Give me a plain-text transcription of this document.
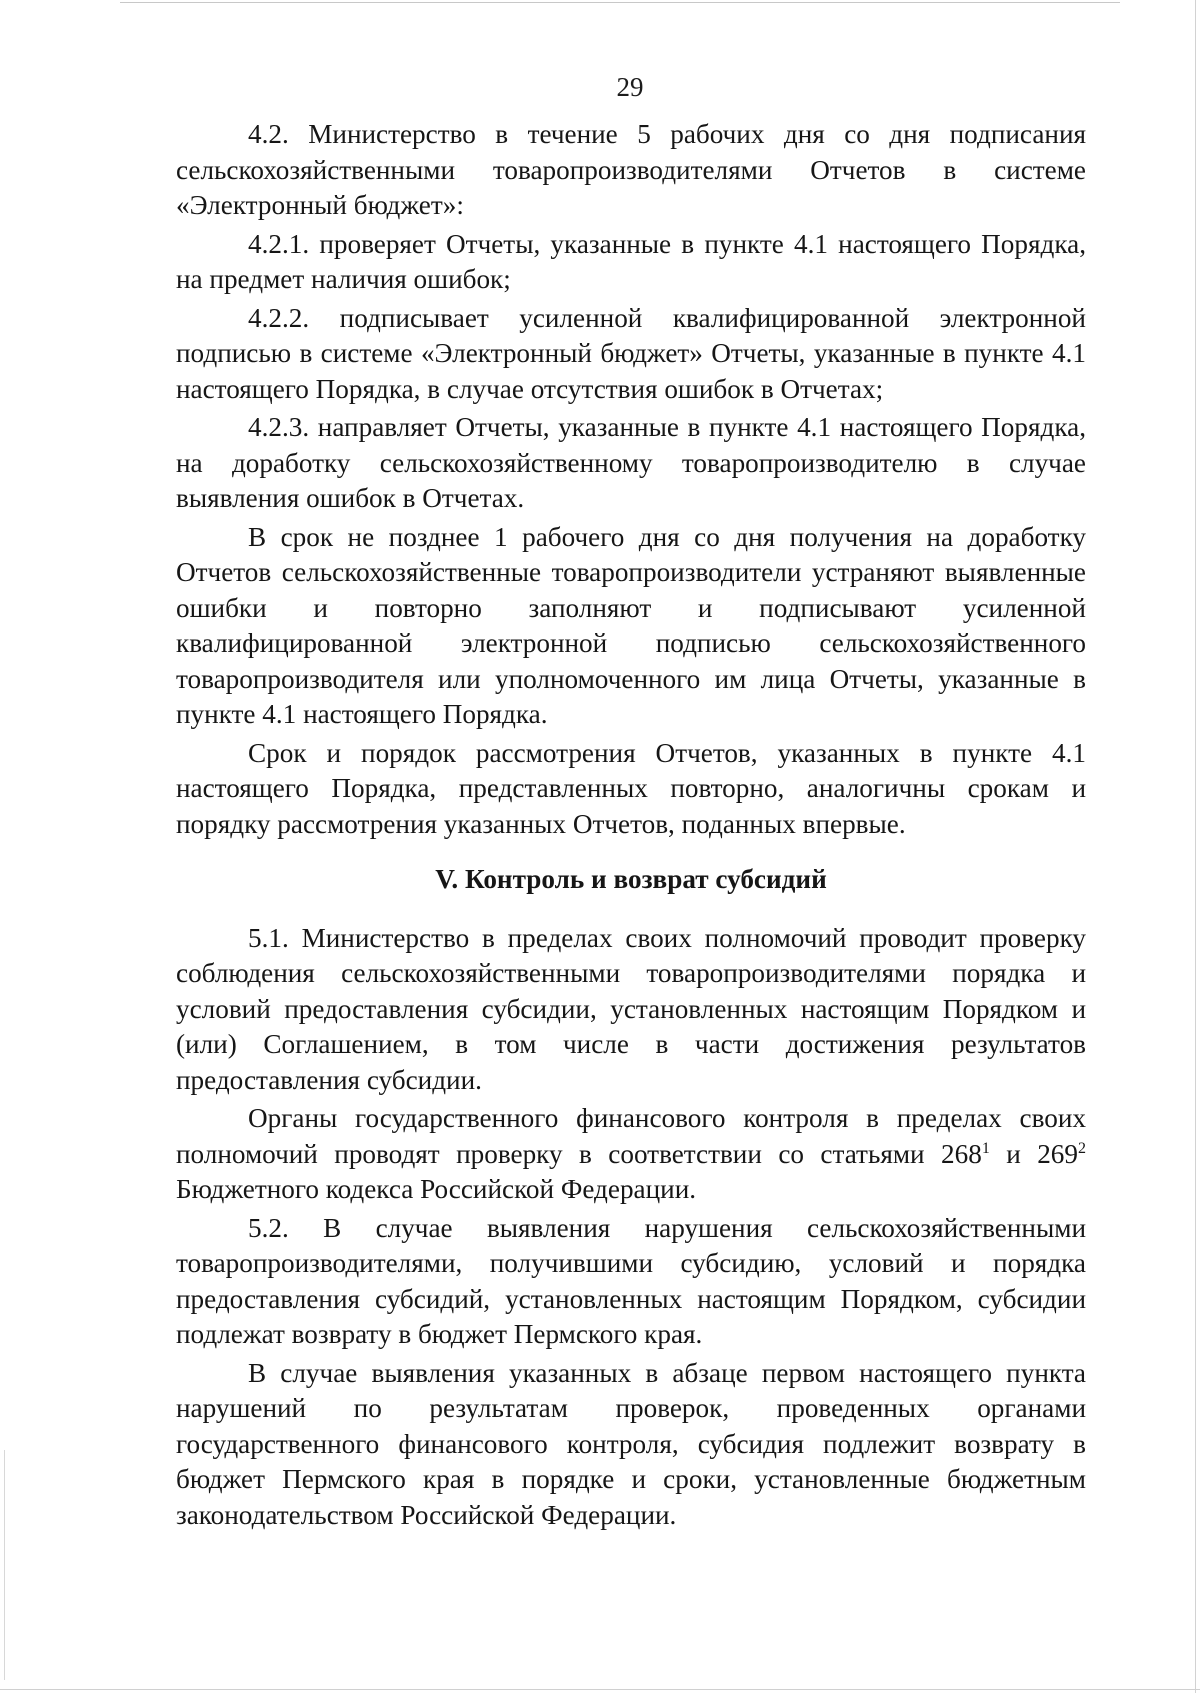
29

4.2. Министерство в течение 5 рабочих дня со дня подписания сельскохозяйственными товаропроизводителями Отчетов в системе «Электронный бюджет»:

4.2.1. проверяет Отчеты, указанные в пункте 4.1 настоящего Порядка, на предмет наличия ошибок;

4.2.2. подписывает усиленной квалифицированной электронной подписью в системе «Электронный бюджет» Отчеты, указанные в пункте 4.1 настоящего Порядка, в случае отсутствия ошибок в Отчетах;

4.2.3. направляет Отчеты, указанные в пункте 4.1 настоящего Порядка, на доработку сельскохозяйственному товаропроизводителю в случае выявления ошибок в Отчетах.

В срок не позднее 1 рабочего дня со дня получения на доработку Отчетов сельскохозяйственные товаропроизводители устраняют выявленные ошибки и повторно заполняют и подписывают усиленной квалифицированной электронной подписью сельскохозяйственного товаропроизводителя или уполномоченного им лица Отчеты, указанные в пункте 4.1 настоящего Порядка.

Срок и порядок рассмотрения Отчетов, указанных в пункте 4.1 настоящего Порядка, представленных повторно, аналогичны срокам и порядку рассмотрения указанных Отчетов, поданных впервые.

V. Контроль и возврат субсидий

5.1. Министерство в пределах своих полномочий проводит проверку соблюдения сельскохозяйственными товаропроизводителями порядка и условий предоставления субсидии, установленных настоящим Порядком и (или) Соглашением, в том числе в части достижения результатов предоставления субсидии.

Органы государственного финансового контроля в пределах своих полномочий проводят проверку в соответствии со статьями $268^1$ и $269^2$ Бюджетного кодекса Российской Федерации.

5.2. В случае выявления нарушения сельскохозяйственными товаропроизводителями, получившими субсидию, условий и порядка предоставления субсидий, установленных настоящим Порядком, субсидии подлежат возврату в бюджет Пермского края.

В случае выявления указанных в абзаце первом настоящего пункта нарушений по результатам проверок, проведенных органами государственного финансового контроля, субсидия подлежит возврату в бюджет Пермского края в порядке и сроки, установленные бюджетным законодательством Российской Федерации.
